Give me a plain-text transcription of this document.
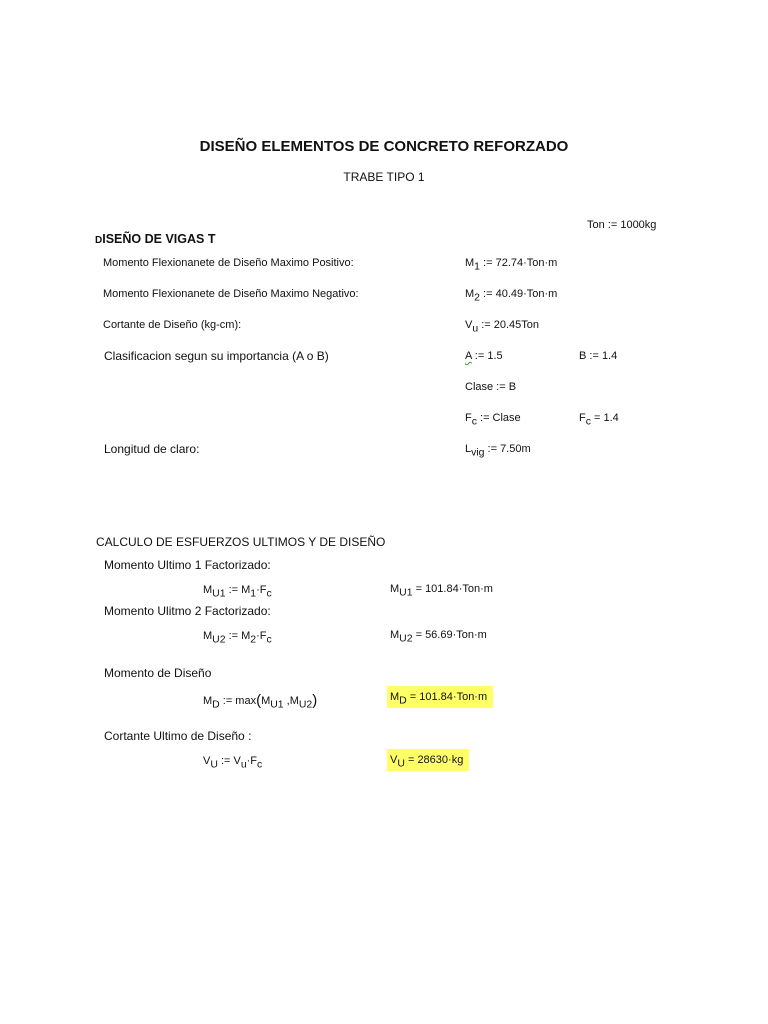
DISEÑO ELEMENTOS DE CONCRETO REFORZADO
TRABE TIPO 1
Ton := 1000kg
DISEÑO DE VIGAS T
Momento Flexionanete de Diseño Maximo Positivo:
Momento Flexionanete de Diseño Maximo Negativo:
Cortante de Diseño (kg-cm):
Clasificacion segun su importancia (A o B)
Longitud de claro:
$M_1$ := 72.74·Ton·m
$M_2$ := 40.49·Ton·m
$V_u$ := 20.45Ton
A := 1.5	B := 1.4
Clase := B
$F_c$ := Clase	$F_c = 1.4$
$L_{vig}$ := 7.50m
CALCULO DE ESFUERZOS ULTIMOS Y DE DISEÑO
Momento Ultimo 1 Factorizado:
Momento Ulitmo 2 Factorizado:
Momento de Diseño
Cortante Ultimo de Diseño :
$M_{U1}$ := $M_1\cdot F_c$
$M_{U2}$ := $M_2\cdot F_c$
$M_D$ := $\max(M_{U1}$ $,M_{U2}$)
$V_U$ := $V_u\cdot F_c$
$M_{U1} = 101.84\cdot Ton\cdot m$
$M_{U2} = 56.69\cdot Ton\cdot m$
$M_D = 101.84\cdot Ton\cdot m$
$V_U = 28630\cdot kg$
